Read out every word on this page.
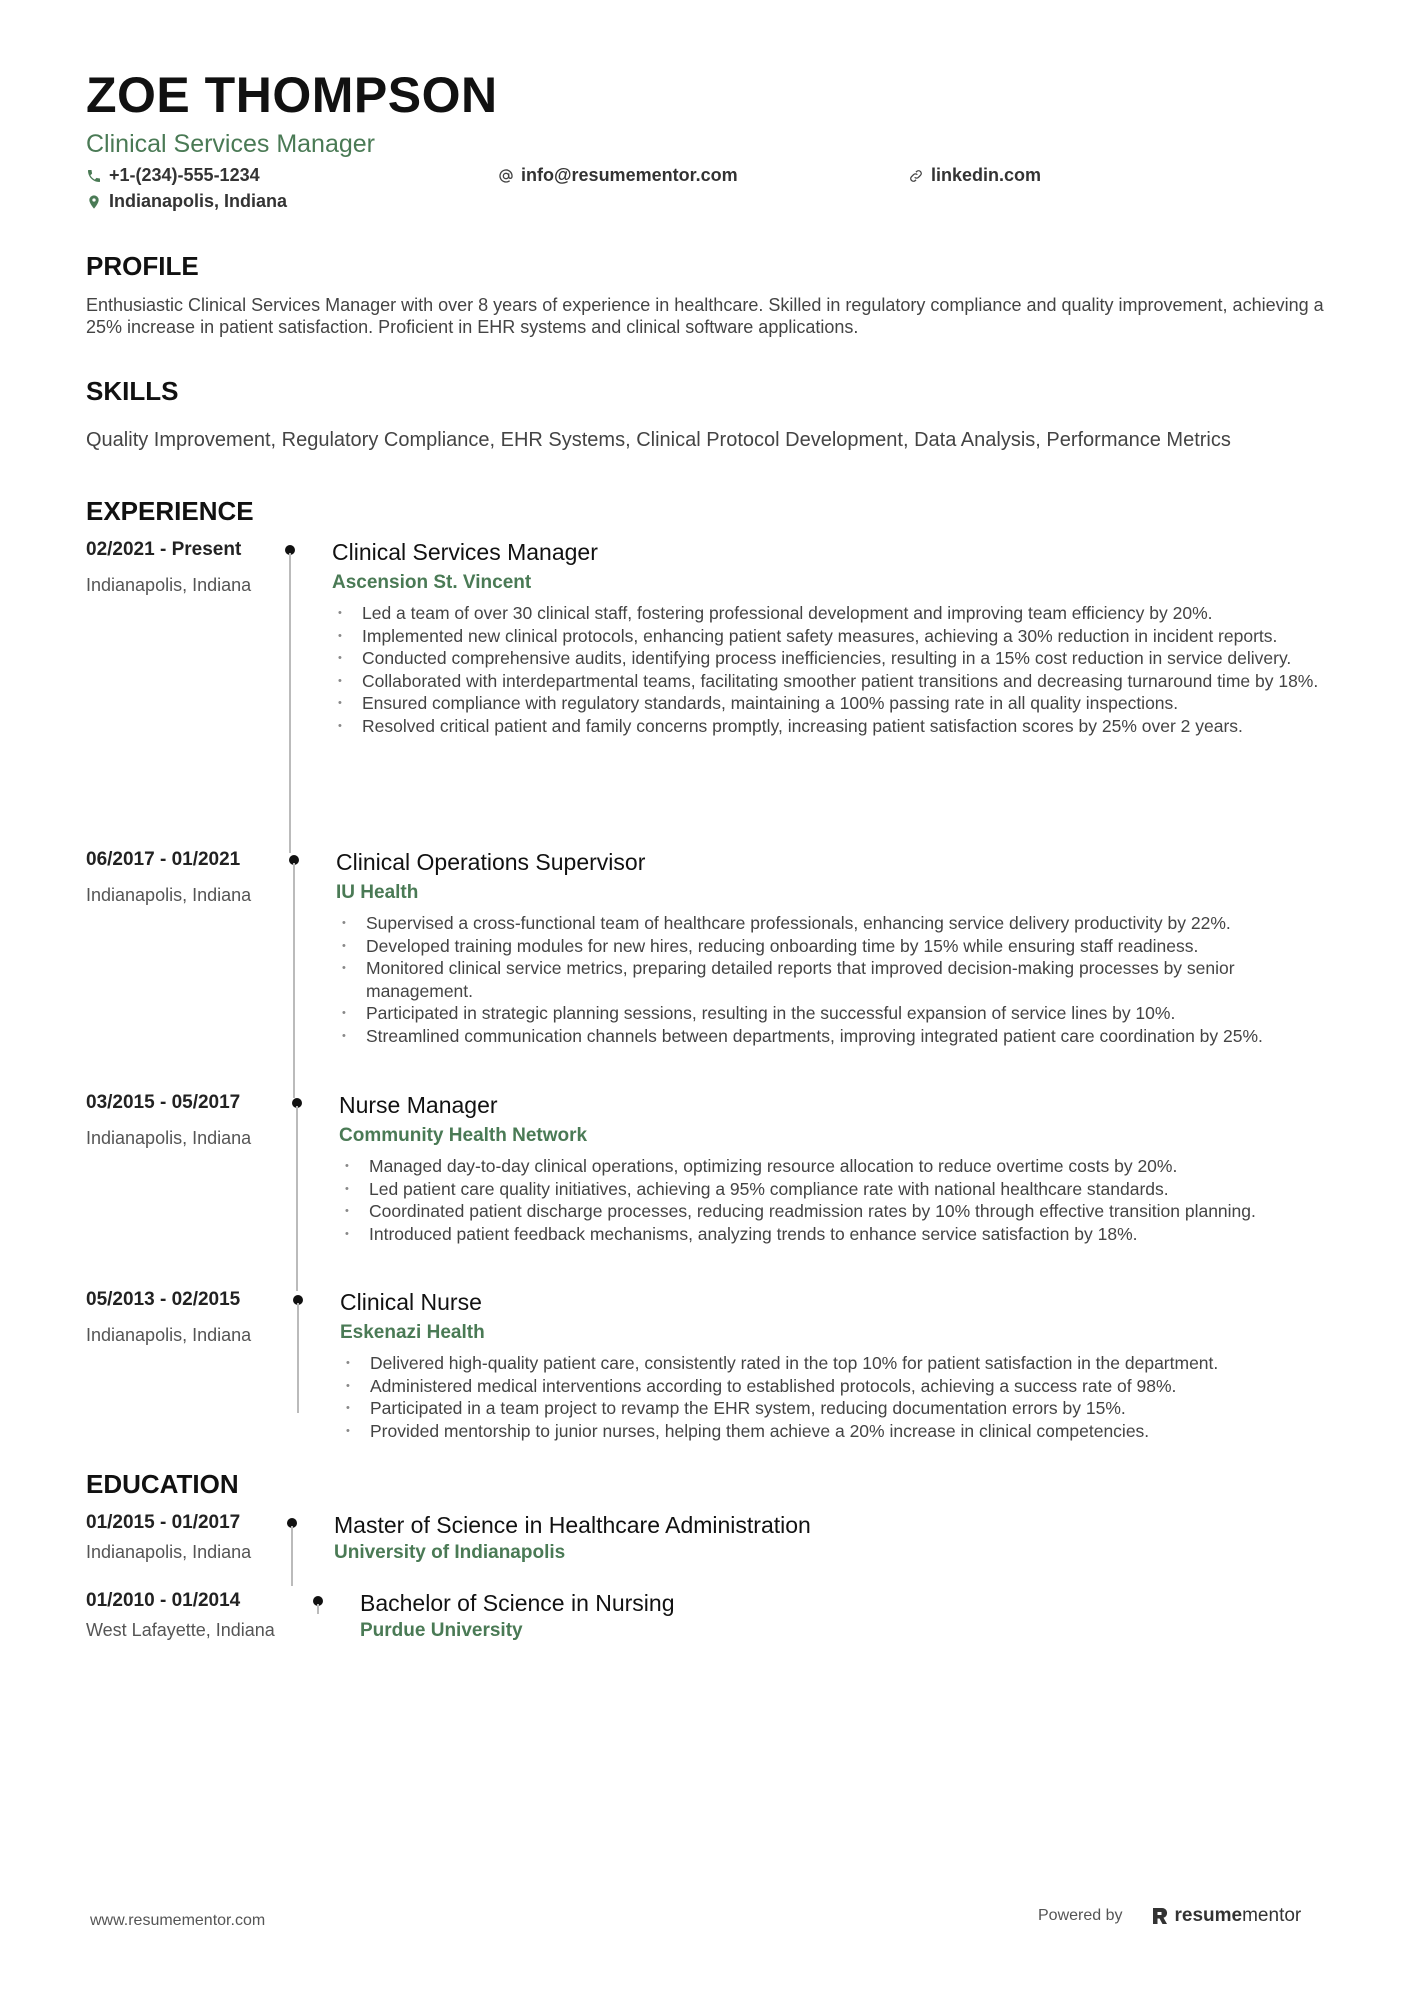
ZOE THOMPSON
Clinical Services Manager
+1-(234)-555-1234	info@resumementor.com	linkedin.com
Indianapolis, Indiana
PROFILE
Enthusiastic Clinical Services Manager with over 8 years of experience in healthcare. Skilled in regulatory compliance and quality improvement, achieving a 25% increase in patient satisfaction. Proficient in EHR systems and clinical software applications.
SKILLS
Quality Improvement, Regulatory Compliance, EHR Systems, Clinical Protocol Development, Data Analysis, Performance Metrics
EXPERIENCE
02/2021 - Present
Indianapolis, Indiana
Clinical Services Manager
Ascension St. Vincent
• Led a team of over 30 clinical staff, fostering professional development and improving team efficiency by 20%.
• Implemented new clinical protocols, enhancing patient safety measures, achieving a 30% reduction in incident reports.
• Conducted comprehensive audits, identifying process inefficiencies, resulting in a 15% cost reduction in service delivery.
• Collaborated with interdepartmental teams, facilitating smoother patient transitions and decreasing turnaround time by 18%.
• Ensured compliance with regulatory standards, maintaining a 100% passing rate in all quality inspections.
• Resolved critical patient and family concerns promptly, increasing patient satisfaction scores by 25% over 2 years.
06/2017 - 01/2021
Indianapolis, Indiana
Clinical Operations Supervisor
IU Health
• Supervised a cross-functional team of healthcare professionals, enhancing service delivery productivity by 22%.
• Developed training modules for new hires, reducing onboarding time by 15% while ensuring staff readiness.
• Monitored clinical service metrics, preparing detailed reports that improved decision-making processes by senior management.
• Participated in strategic planning sessions, resulting in the successful expansion of service lines by 10%.
• Streamlined communication channels between departments, improving integrated patient care coordination by 25%.
03/2015 - 05/2017
Indianapolis, Indiana
Nurse Manager
Community Health Network
• Managed day-to-day clinical operations, optimizing resource allocation to reduce overtime costs by 20%.
• Led patient care quality initiatives, achieving a 95% compliance rate with national healthcare standards.
• Coordinated patient discharge processes, reducing readmission rates by 10% through effective transition planning.
• Introduced patient feedback mechanisms, analyzing trends to enhance service satisfaction by 18%.
05/2013 - 02/2015
Indianapolis, Indiana
Clinical Nurse
Eskenazi Health
• Delivered high-quality patient care, consistently rated in the top 10% for patient satisfaction in the department.
• Administered medical interventions according to established protocols, achieving a success rate of 98%.
• Participated in a team project to revamp the EHR system, reducing documentation errors by 15%.
• Provided mentorship to junior nurses, helping them achieve a 20% increase in clinical competencies.
EDUCATION
01/2015 - 01/2017
Indianapolis, Indiana
Master of Science in Healthcare Administration
University of Indianapolis
01/2010 - 01/2014
West Lafayette, Indiana
Bachelor of Science in Nursing
Purdue University
www.resumementor.com	Powered by	resumementor
